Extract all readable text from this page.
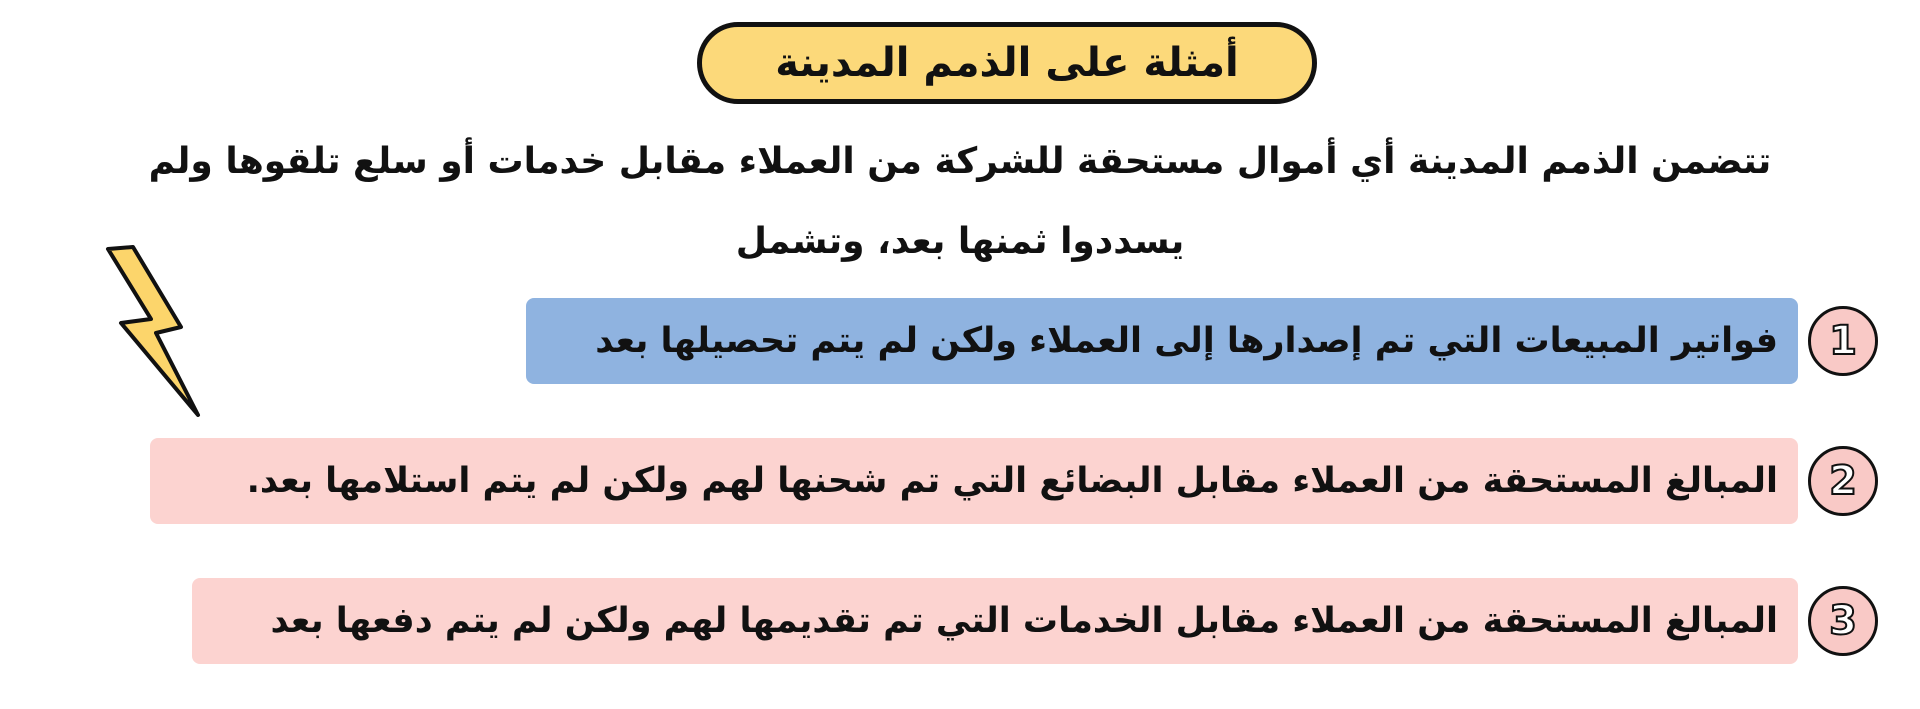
أمثلة على الذمم المدينة
تتضمن الذمم المدينة أي أموال مستحقة للشركة من العملاء مقابل خدمات أو سلع تلقوها ولم
يسددوا ثمنها بعد، وتشمل
فواتير المبيعات التي تم إصدارها إلى العملاء ولكن لم يتم تحصيلها بعد 1
المبالغ المستحقة من العملاء مقابل البضائع التي تم شحنها لهم ولكن لم يتم استلامها بعد. 2
المبالغ المستحقة من العملاء مقابل الخدمات التي تم تقديمها لهم ولكن لم يتم دفعها بعد 3
